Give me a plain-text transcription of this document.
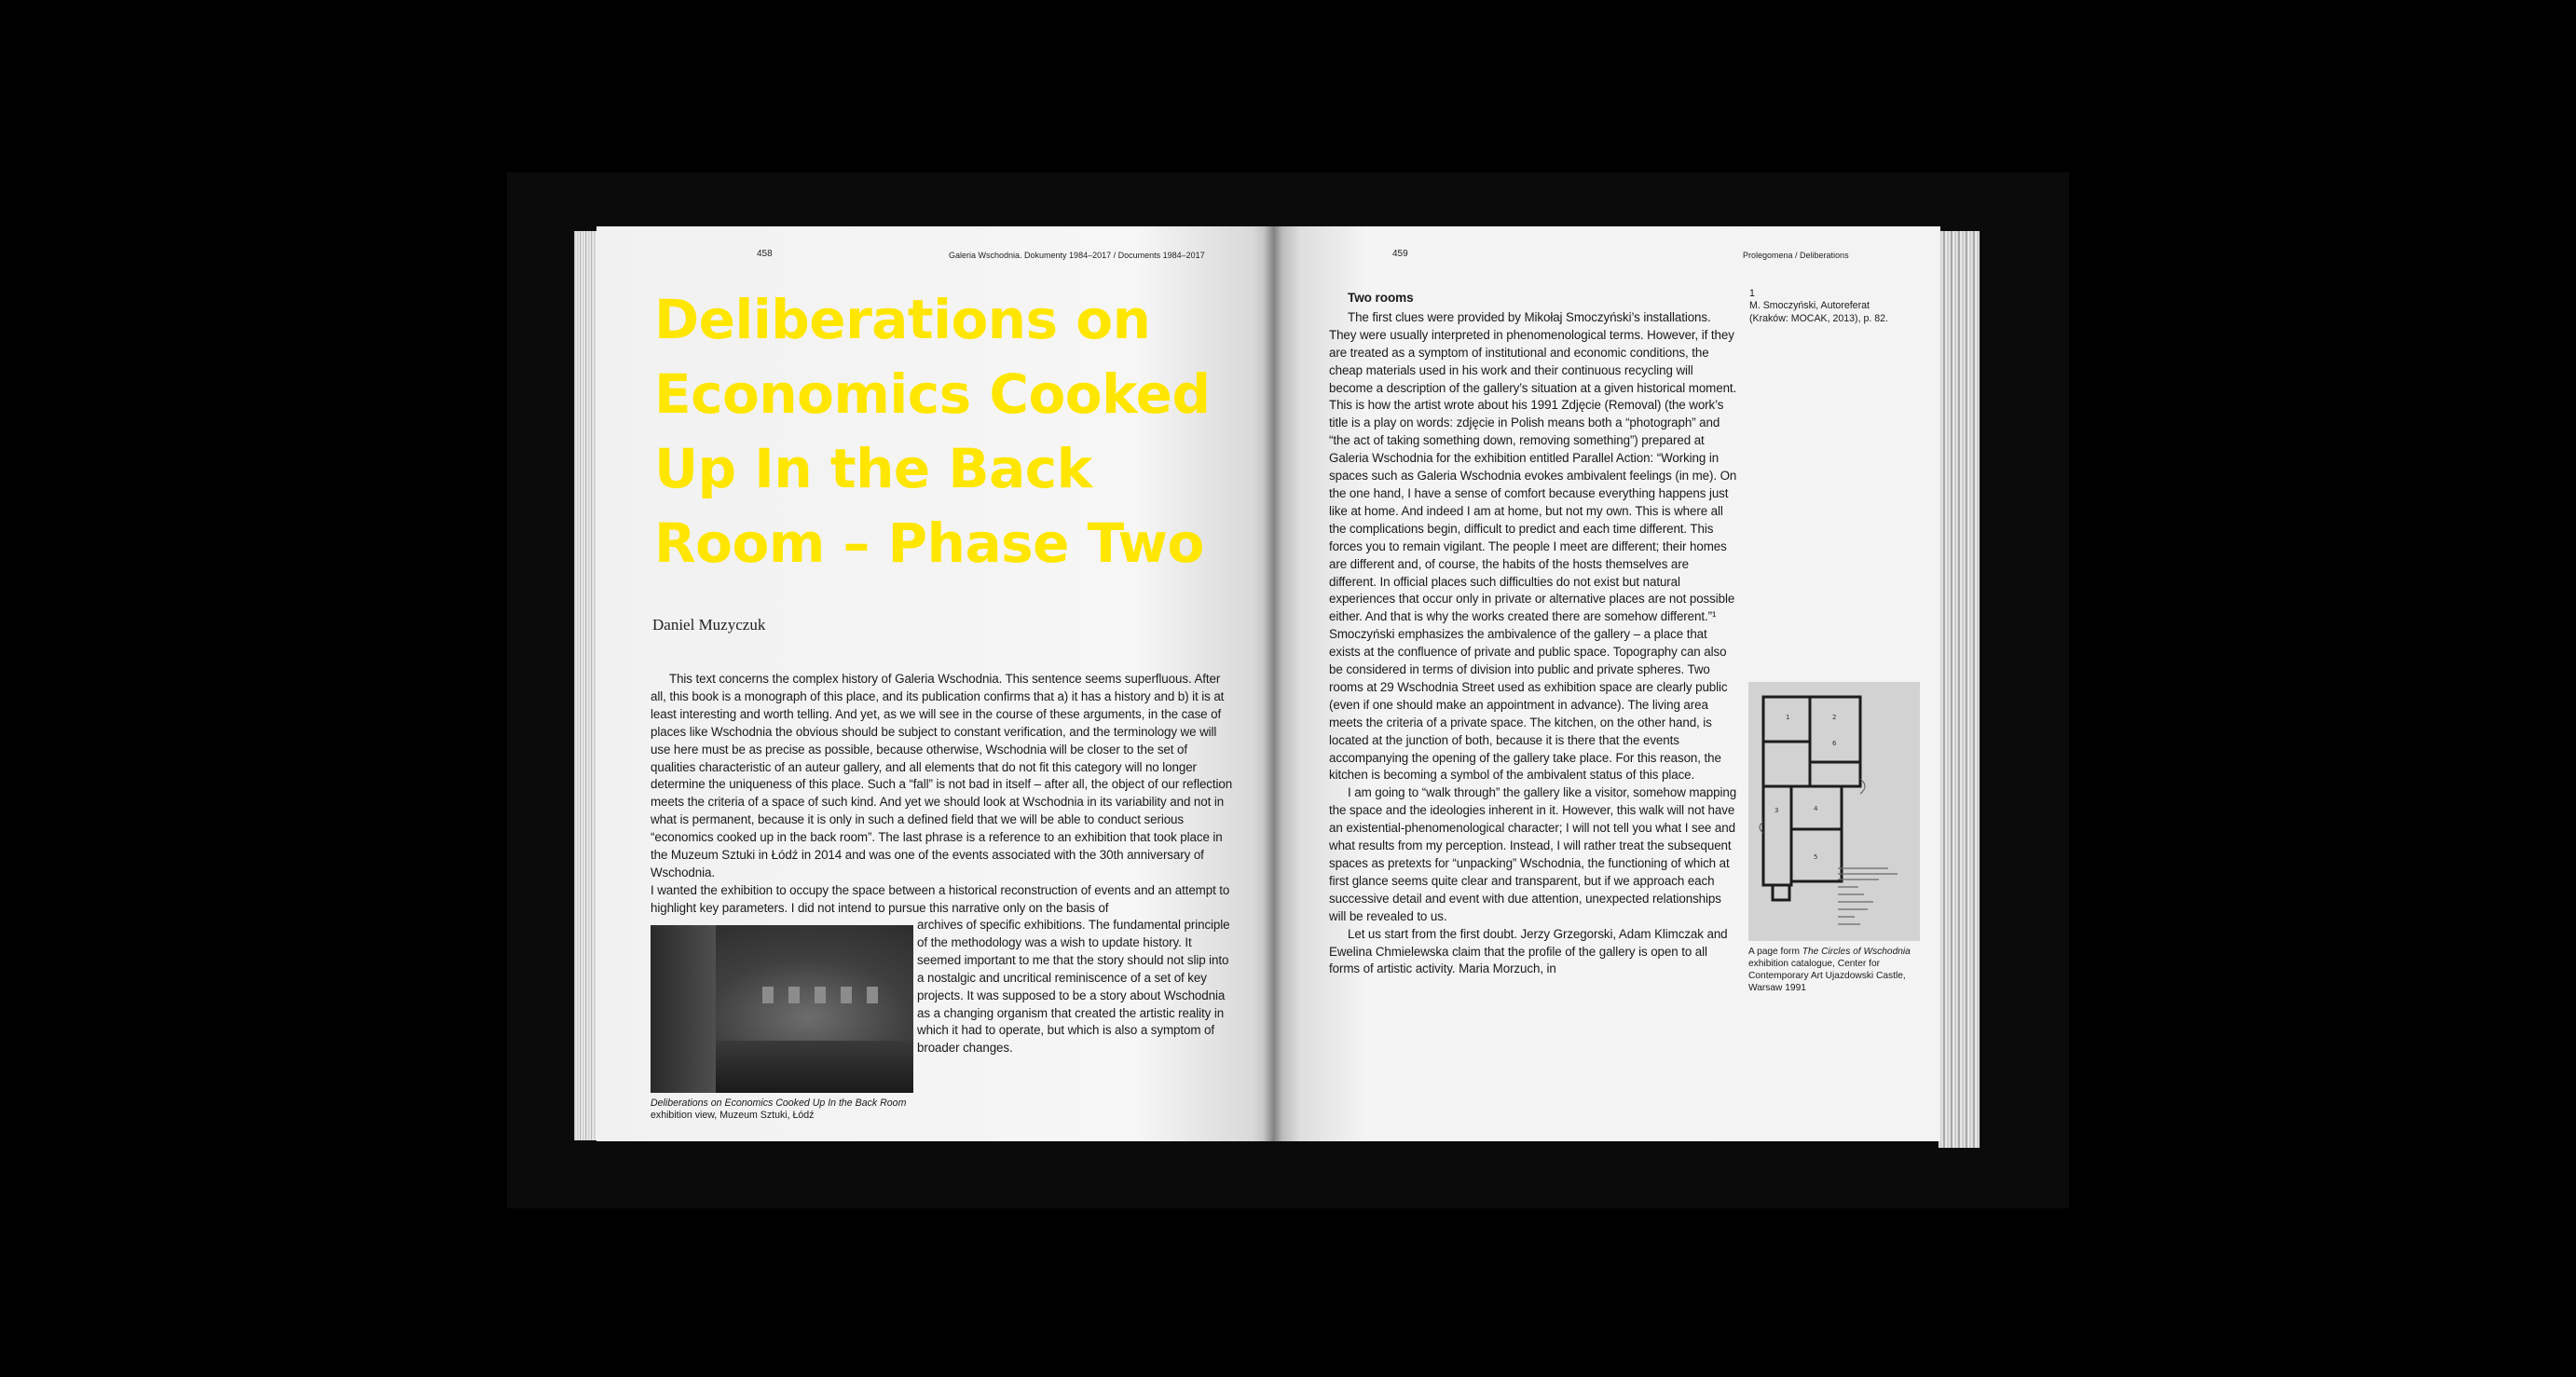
458	Galeria Wschodnia. Dokumenty 1984–2017 / Documents 1984–2017
Deliberations on Economics Cooked Up In the Back Room – Phase Two
Daniel Muzyczuk

This text concerns the complex history of Galeria Wschodnia. This sentence seems superfluous. After all, this book is a monograph of this place, and its publication confirms that a) it has a history and b) it is at least interesting and worth telling. And yet, as we will see in the course of these arguments, in the case of places like Wschodnia the obvious should be subject to constant verification, and the terminology we will use here must be as precise as possible, because otherwise, Wschodnia will be closer to the set of qualities characteristic of an auteur gallery, and all elements that do not fit this category will no longer determine the uniqueness of this place. Such a “fall” is not bad in itself – after all, the object of our reflection meets the criteria of a space of such kind. And yet we should look at Wschodnia in its variability and not in what is permanent, because it is only in such a defined field that we will be able to conduct serious “economics cooked up in the back room”. The last phrase is a reference to an exhibition that took place in the Muzeum Sztuki in Łódź in 2014 and was one of the events associated with the 30th anniversary of Wschodnia.

I wanted the exhibition to occupy the space between a historical reconstruction of events and an attempt to highlight key parameters. I did not intend to pursue this narrative only on the basis of

archives of specific exhibitions. The fundamental principle of the methodology was a wish to update history. It seemed important to me that the story should not slip into a nostalgic and uncritical reminiscence of a set of key projects. It was supposed to be a story about Wschodnia as a changing organism that created the artistic reality in which it had to operate, but which is also a symptom of broader changes.
Deliberations on Economics Cooked Up In the Back Room
exhibition view, Muzeum Sztuki, Łódź
459	Prolegomena / Deliberations
Two rooms

The first clues were provided by Mikołaj Smoczyński’s installations. They were usually interpreted in phenomenological terms. However, if they are treated as a symptom of institutional and economic conditions, the cheap materials used in his work and their continuous recycling will become a description of the gallery’s situation at a given historical moment. This is how the artist wrote about his 1991 Zdjęcie (Removal) (the work’s title is a play on words: zdjęcie in Polish means both a “photograph” and “the act of taking something down, removing something”) prepared at Galeria Wschodnia for the exhibition entitled Parallel Action: “Working in spaces such as Galeria Wschodnia evokes ambivalent feelings (in me). On the one hand, I have a sense of comfort because everything happens just like at home. And indeed I am at home, but not my own. This is where all the complications begin, difficult to predict and each time different. This forces you to remain vigilant. The people I meet are different; their homes are different and, of course, the habits of the hosts themselves are different. In official places such difficulties do not exist but natural experiences that occur only in private or alternative places are not possible either. And that is why the works created there are somehow different.”¹ Smoczyński emphasizes the ambivalence of the gallery – a place that exists at the confluence of private and public space. Topography can also be considered in terms of division into public and private spheres. Two rooms at 29 Wschodnia Street used as exhibition space are clearly public (even if one should make an appointment in advance). The living area meets the criteria of a private space. The kitchen, on the other hand, is located at the junction of both, because it is there that the events accompanying the opening of the gallery take place. For this reason, the kitchen is becoming a symbol of the ambivalent status of this place.

I am going to “walk through” the gallery like a visitor, somehow mapping the space and the ideologies inherent in it. However, this walk will not have an existential-phenomenological character; I will not tell you what I see and what results from my perception. Instead, I will rather treat the subsequent spaces as pretexts for “unpacking” Wschodnia, the functioning of which at first glance seems quite clear and transparent, but if we approach each successive detail and event with due attention, unexpected relationships will be revealed to us.

Let us start from the first doubt. Jerzy Grzegorski, Adam Klimczak and Ewelina Chmielewska claim that the profile of the gallery is open to all forms of artistic activity. Maria Morzuch, in

1
M. Smoczyński, Autoreferat (Kraków: MOCAK, 2013), p. 82.
1	2
3	4
5
6
A page form The Circles of Wschodnia exhibition catalogue, Center for Contemporary Art Ujazdowski Castle, Warsaw 1991
